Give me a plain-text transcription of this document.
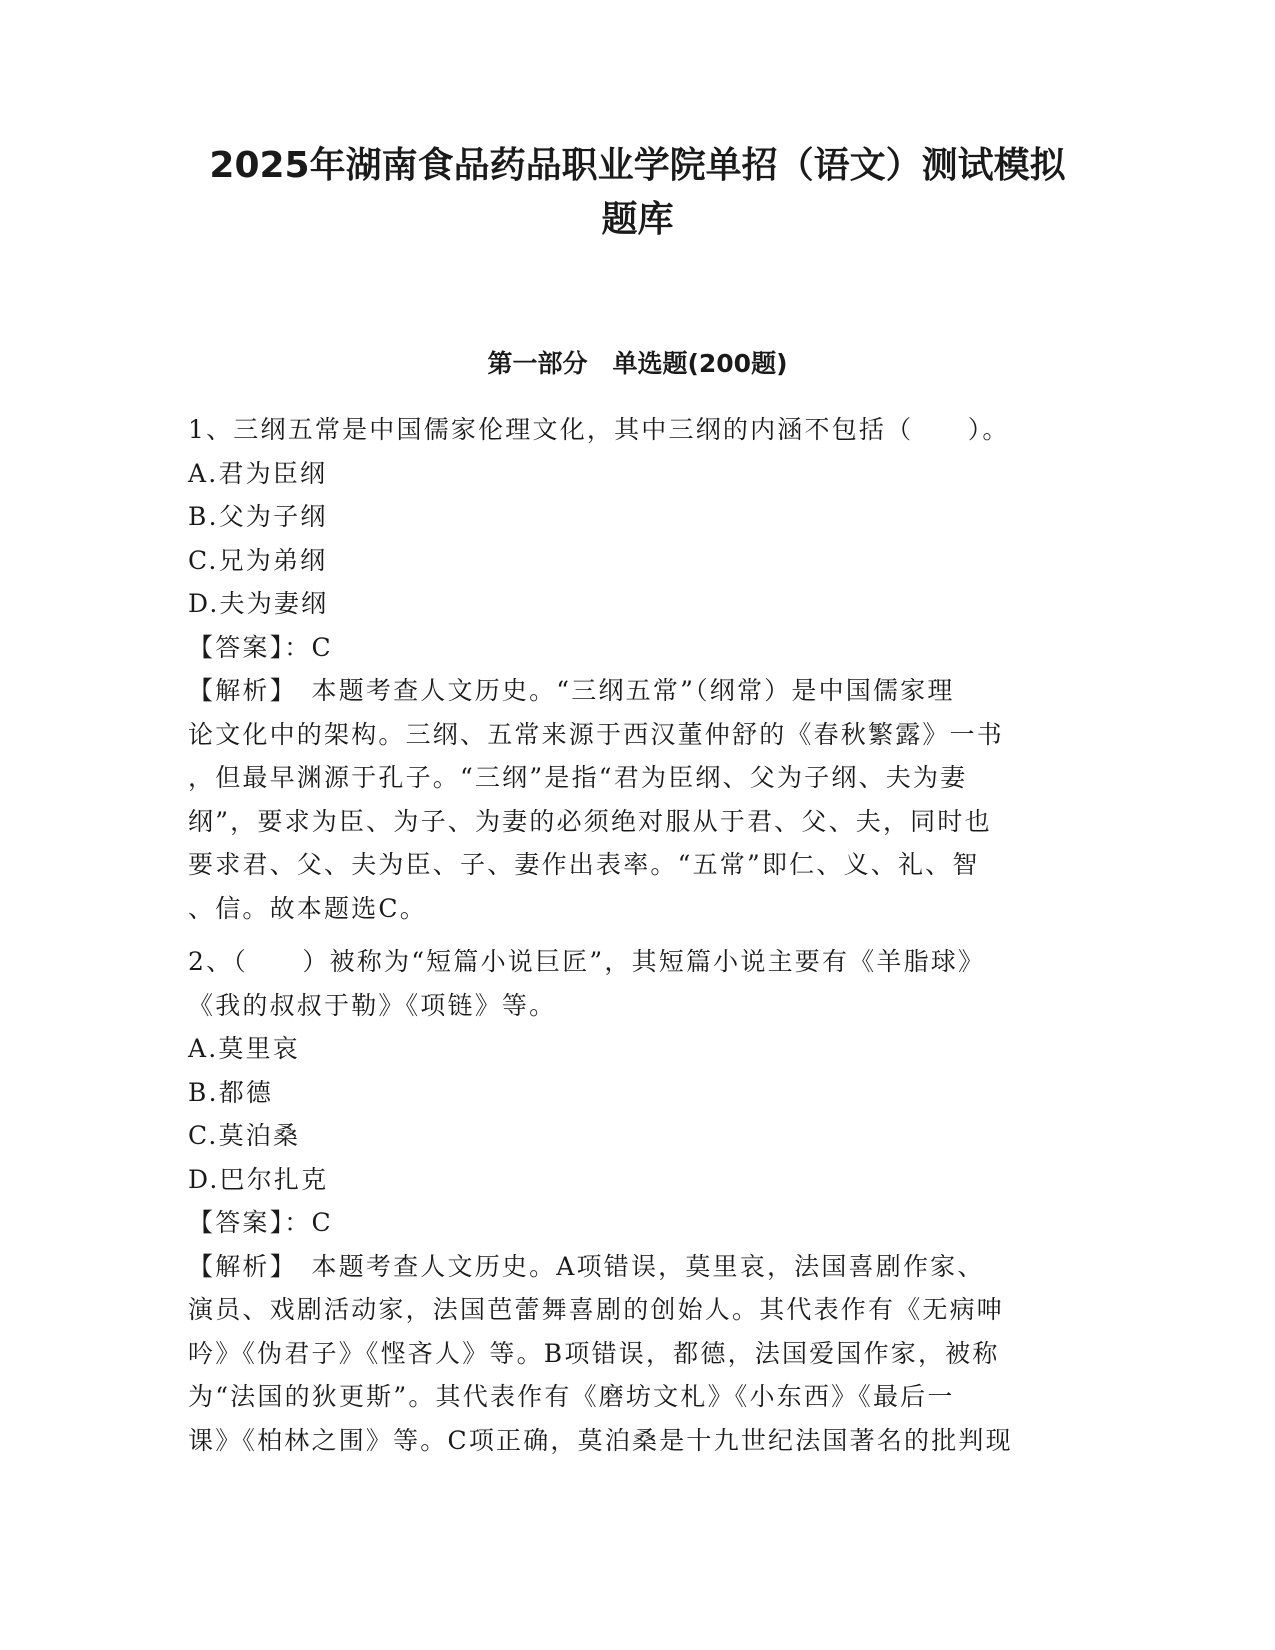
2025年湖南食品药品职业学院单招（语文）测试模拟
题库
第一部分　单选题(200题)
1、三纲五常是中国儒家伦理文化，其中三纲的内涵不包括（　　）。
A.君为臣纲
B.父为子纲
C.兄为弟纲
D.夫为妻纲
【答案】：C
【解析】　本题考查人文历史。“三纲五常”（纲常）是中国儒家理
论文化中的架构。三纲、五常来源于西汉董仲舒的《春秋繁露》一书
，但最早渊源于孔子。“三纲”是指“君为臣纲、父为子纲、夫为妻
纲”，要求为臣、为子、为妻的必须绝对服从于君、父、夫，同时也
要求君、父、夫为臣、子、妻作出表率。“五常”即仁、义、礼、智
、信。故本题选C。
2、（　　）被称为“短篇小说巨匠”，其短篇小说主要有《羊脂球》
《我的叔叔于勒》《项链》等。
A.莫里哀
B.都德
C.莫泊桑
D.巴尔扎克
【答案】：C
【解析】　本题考查人文历史。A项错误，莫里哀，法国喜剧作家、
演员、戏剧活动家，法国芭蕾舞喜剧的创始人。其代表作有《无病呻
吟》《伪君子》《悭吝人》等。B项错误，都德，法国爱国作家，被称
为“法国的狄更斯”。其代表作有《磨坊文札》《小东西》《最后一
课》《柏林之围》等。C项正确，莫泊桑是十九世纪法国著名的批判现
